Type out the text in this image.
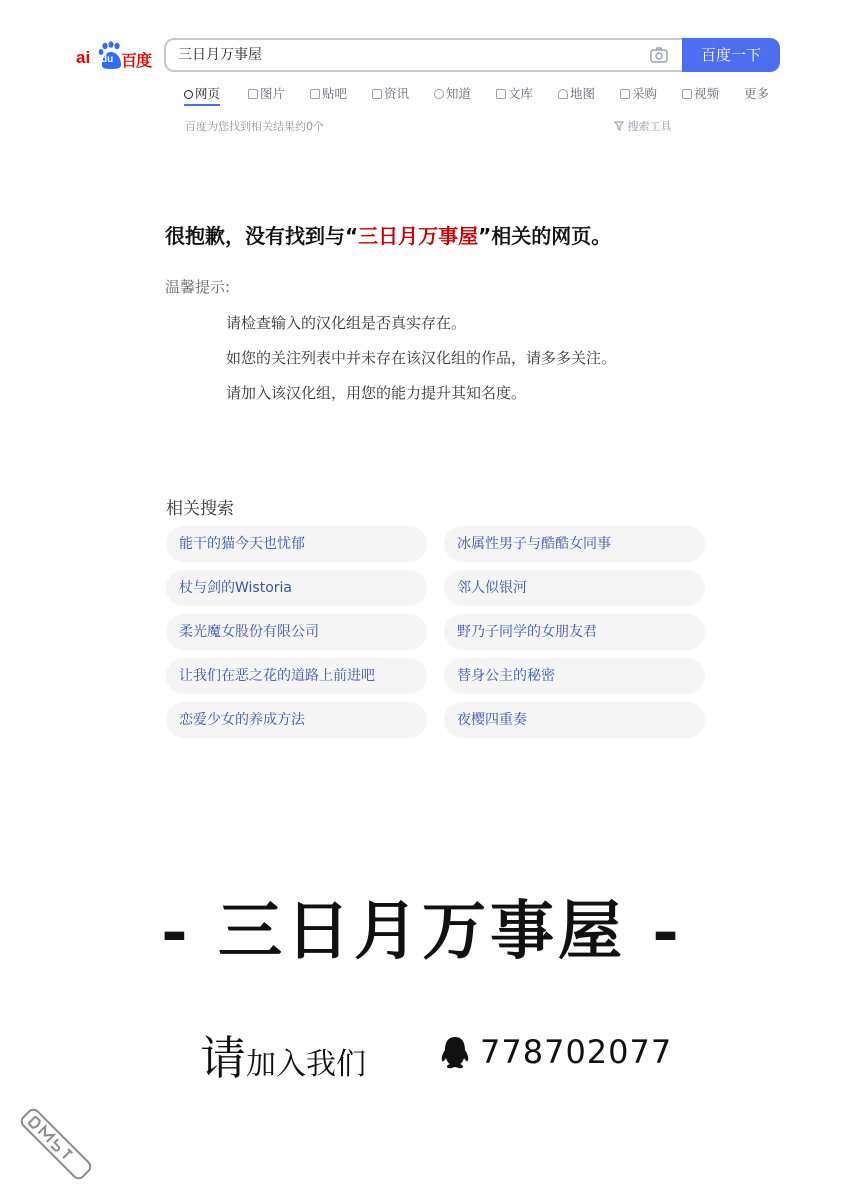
ai du 百度
三日月万事屋	百度一下
网页	图片	贴吧	资讯	知道	文库	地图	采购	视频 更多
百度为您找到相关结果约0个	搜索工具
很抱歉，没有找到与“三日月万事屋”相关的网页。
温馨提示:
请检查输入的汉化组是否真实存在。
如您的关注列表中并未存在该汉化组的作品，请多多关注。
请加入该汉化组，用您的能力提升其知名度。
相关搜索
能干的猫今天也忧郁	冰属性男子与酷酷女同事
杖与剑的Wistoria	邻人似银河
柔光魔女股份有限公司	野乃子同学的女朋友君
让我们在恶之花的道路上前进吧	替身公主的秘密
恋爱少女的养成方法	夜樱四重奏
- 三日月万事屋 -
请加入我们	778702077
